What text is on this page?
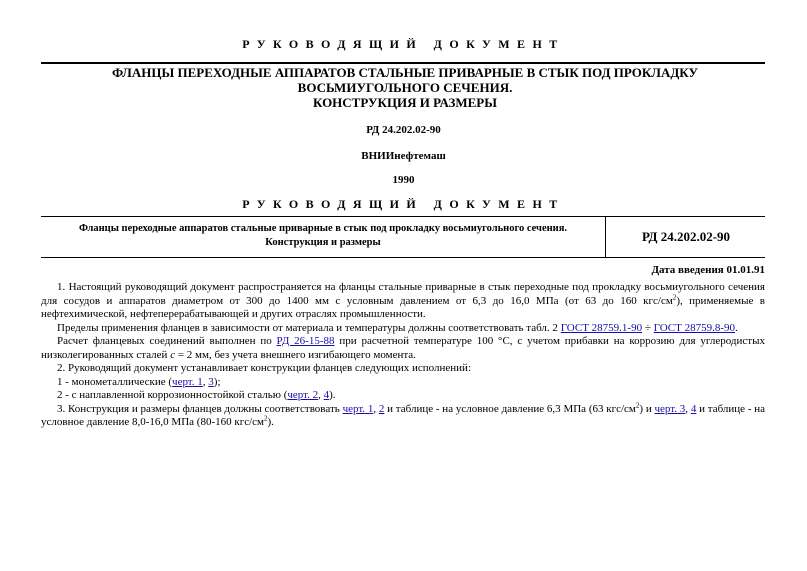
РУКОВОДЯЩИЙ ДОКУМЕНТ
ФЛАНЦЫ ПЕРЕХОДНЫЕ АППАРАТОВ СТАЛЬНЫЕ ПРИВАРНЫЕ В СТЫК ПОД ПРОКЛАДКУ
ВОСЬМИУГОЛЬНОГО СЕЧЕНИЯ.
КОНСТРУКЦИЯ И РАЗМЕРЫ
РД 24.202.02-90
ВНИИнефтемаш
1990
РУКОВОДЯЩИЙ ДОКУМЕНТ
Фланцы переходные аппаратов стальные приварные в стык под прокладку восьмиугольного сечения.
Конструкция и размеры	РД 24.202.02-90
Дата введения 01.01.91

1. Настоящий руководящий документ распространяется на фланцы стальные приварные в стык переходные под прокладку восьмиугольного сечения для сосудов и аппаратов диаметром от 300 до 1400 мм с условным давлением от 6,3 до 16,0 МПа (от 63 до 160 кгс/$см^2$), применяемые в нефтехимической, нефтеперерабатывающей и других отраслях промышленности.

Пределы применения фланцев в зависимости от материала и температуры должны соответствовать табл. 2 ГОСТ 28759.1-90 ÷ ГОСТ 28759.8-90.

Расчет фланцевых соединений выполнен по РД 26-15-88 при расчетной температуре 100 °С, с учетом прибавки на коррозию для углеродистых низколегированных сталей с = 2 мм, без учета внешнего изгибающего момента.

2. Руководящий документ устанавливает конструкции фланцев следующих исполнений:

1 - монометаллические (черт. 1, 3);

2 - с наплавленной коррозионностойкой сталью (черт. 2, 4).

3. Конструкция и размеры фланцев должны соответствовать черт. 1, 2 и таблице - на условное давление 6,3 МПа (63 кгс/$см^2$) и черт. 3, 4 и таблице - на условное давление 8,0-16,0 МПа (80-160 кгс/$см^2$).
